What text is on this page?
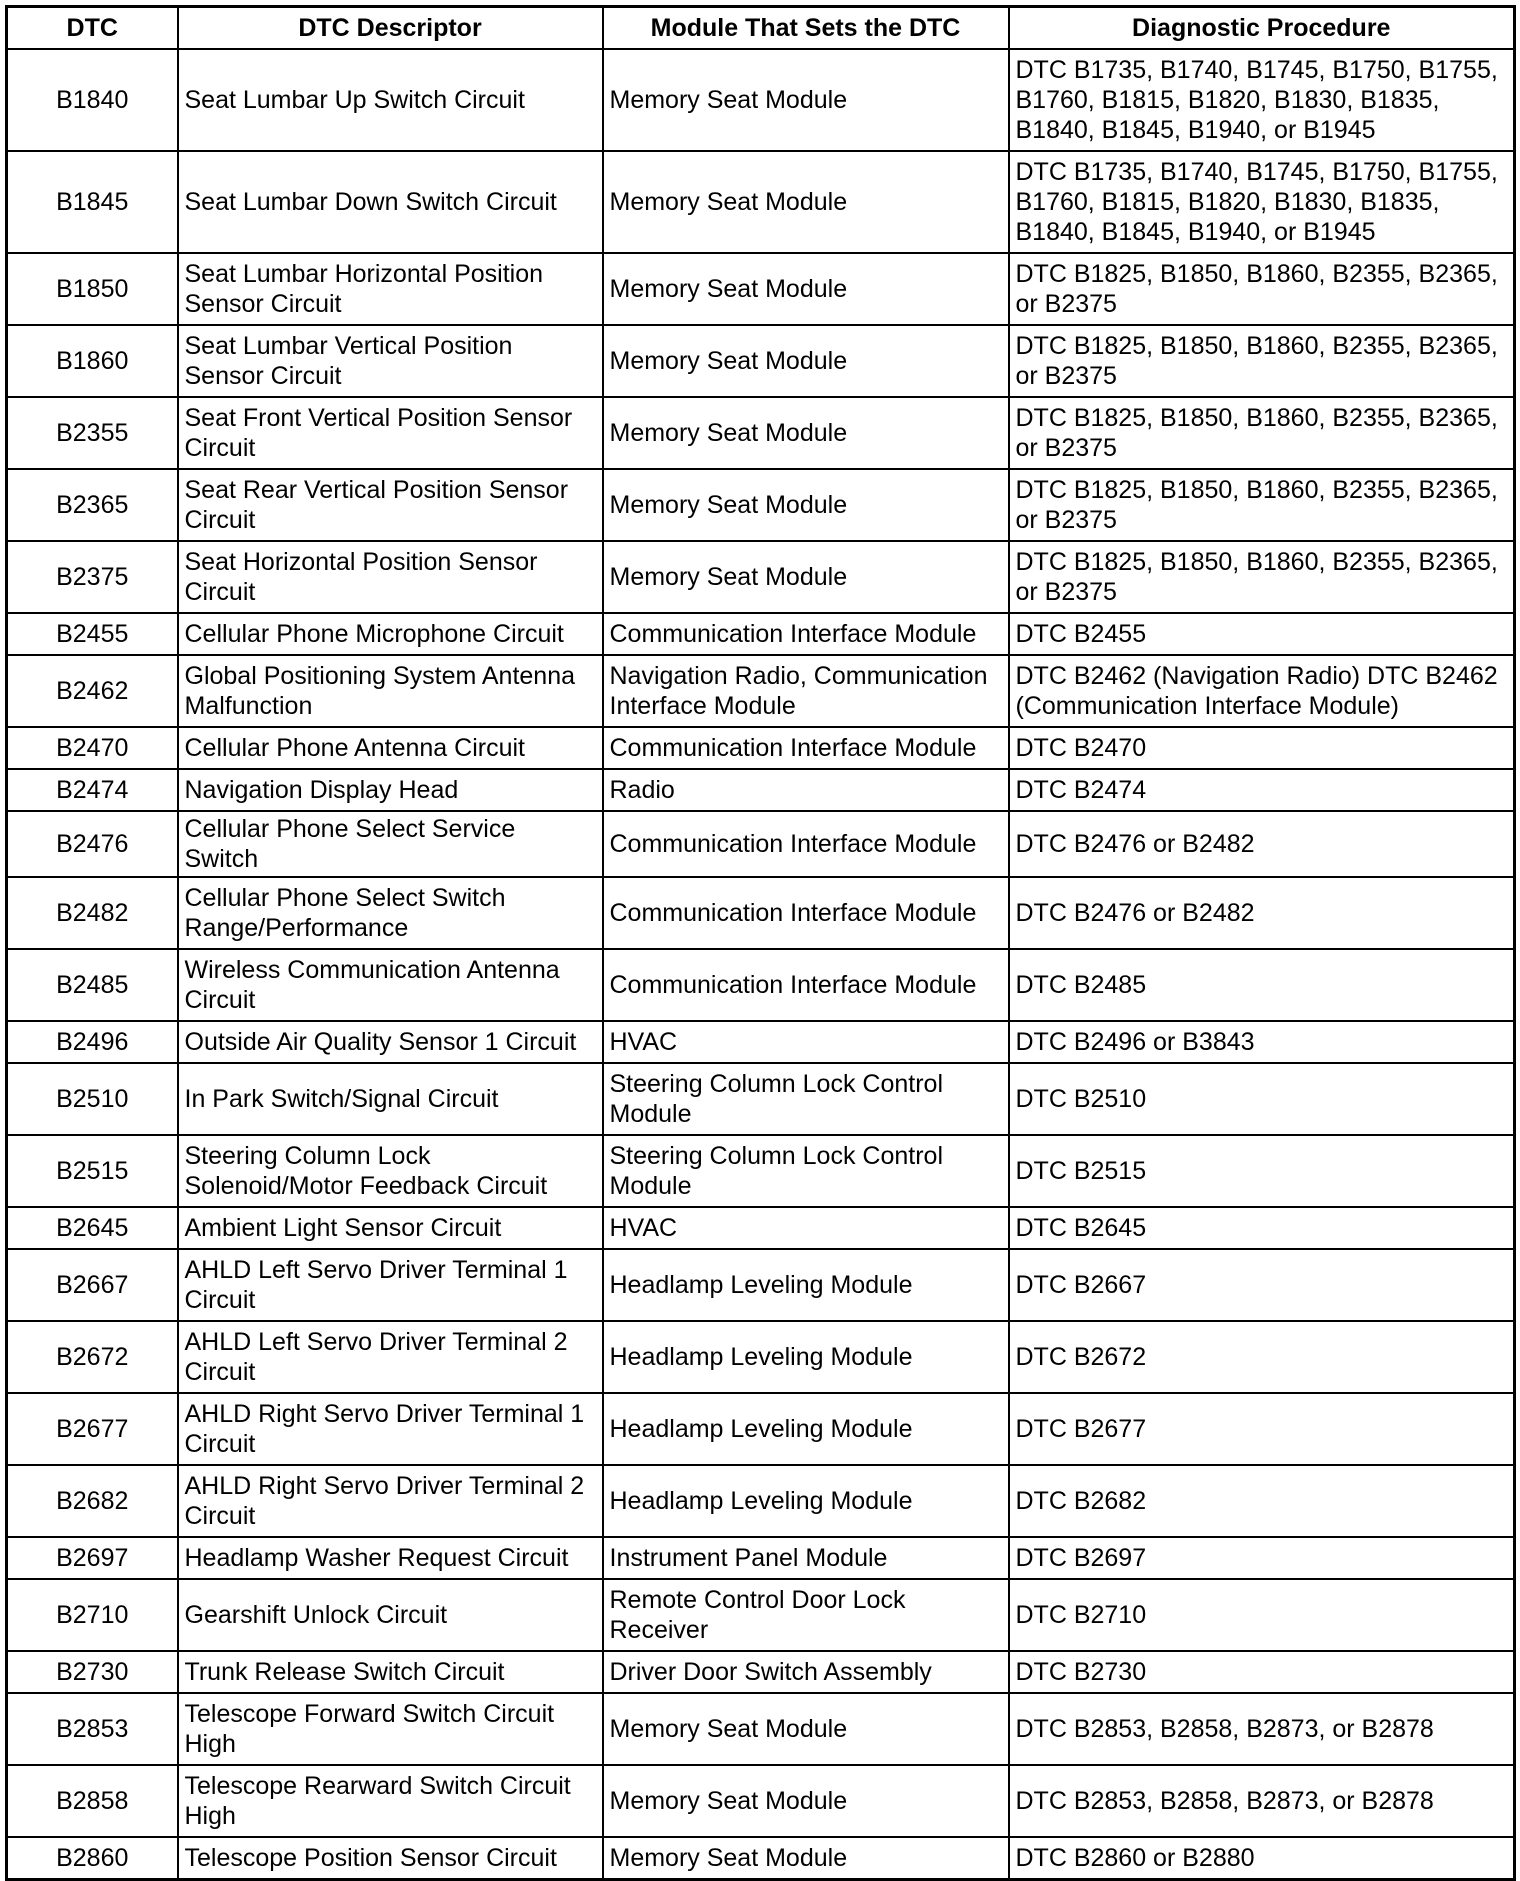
DTC	DTC Descriptor	Module That Sets the DTC	Diagnostic Procedure
B1840	Seat Lumbar Up Switch Circuit	Memory Seat Module	DTC B1735, B1740, B1745, B1750, B1755, B1760, B1815, B1820, B1830, B1835, B1840, B1845, B1940, or B1945
B1845	Seat Lumbar Down Switch Circuit	Memory Seat Module	DTC B1735, B1740, B1745, B1750, B1755, B1760, B1815, B1820, B1830, B1835, B1840, B1845, B1940, or B1945
B1850	Seat Lumbar Horizontal Position Sensor Circuit	Memory Seat Module	DTC B1825, B1850, B1860, B2355, B2365, or B2375
B1860	Seat Lumbar Vertical Position Sensor Circuit	Memory Seat Module	DTC B1825, B1850, B1860, B2355, B2365, or B2375
B2355	Seat Front Vertical Position Sensor Circuit	Memory Seat Module	DTC B1825, B1850, B1860, B2355, B2365, or B2375
B2365	Seat Rear Vertical Position Sensor Circuit	Memory Seat Module	DTC B1825, B1850, B1860, B2355, B2365, or B2375
B2375	Seat Horizontal Position Sensor Circuit	Memory Seat Module	DTC B1825, B1850, B1860, B2355, B2365, or B2375
B2455	Cellular Phone Microphone Circuit	Communication Interface Module	DTC B2455
B2462	Global Positioning System Antenna Malfunction	Navigation Radio, Communication Interface Module	DTC B2462 (Navigation Radio) DTC B2462 (Communication Interface Module)
B2470	Cellular Phone Antenna Circuit	Communication Interface Module	DTC B2470
B2474	Navigation Display Head	Radio	DTC B2474
B2476	Cellular Phone Select Service Switch	Communication Interface Module	DTC B2476 or B2482
B2482	Cellular Phone Select Switch Range/Performance	Communication Interface Module	DTC B2476 or B2482
B2485	Wireless Communication Antenna Circuit	Communication Interface Module	DTC B2485
B2496	Outside Air Quality Sensor 1 Circuit	HVAC	DTC B2496 or B3843
B2510	In Park Switch/Signal Circuit	Steering Column Lock Control Module	DTC B2510
B2515	Steering Column Lock Solenoid/Motor Feedback Circuit	Steering Column Lock Control Module	DTC B2515
B2645	Ambient Light Sensor Circuit	HVAC	DTC B2645
B2667	AHLD Left Servo Driver Terminal 1 Circuit	Headlamp Leveling Module	DTC B2667
B2672	AHLD Left Servo Driver Terminal 2 Circuit	Headlamp Leveling Module	DTC B2672
B2677	AHLD Right Servo Driver Terminal 1 Circuit	Headlamp Leveling Module	DTC B2677
B2682	AHLD Right Servo Driver Terminal 2 Circuit	Headlamp Leveling Module	DTC B2682
B2697	Headlamp Washer Request Circuit	Instrument Panel Module	DTC B2697
B2710	Gearshift Unlock Circuit	Remote Control Door Lock Receiver	DTC B2710
B2730	Trunk Release Switch Circuit	Driver Door Switch Assembly	DTC B2730
B2853	Telescope Forward Switch Circuit High	Memory Seat Module	DTC B2853, B2858, B2873, or B2878
B2858	Telescope Rearward Switch Circuit High	Memory Seat Module	DTC B2853, B2858, B2873, or B2878
B2860	Telescope Position Sensor Circuit	Memory Seat Module	DTC B2860 or B2880
